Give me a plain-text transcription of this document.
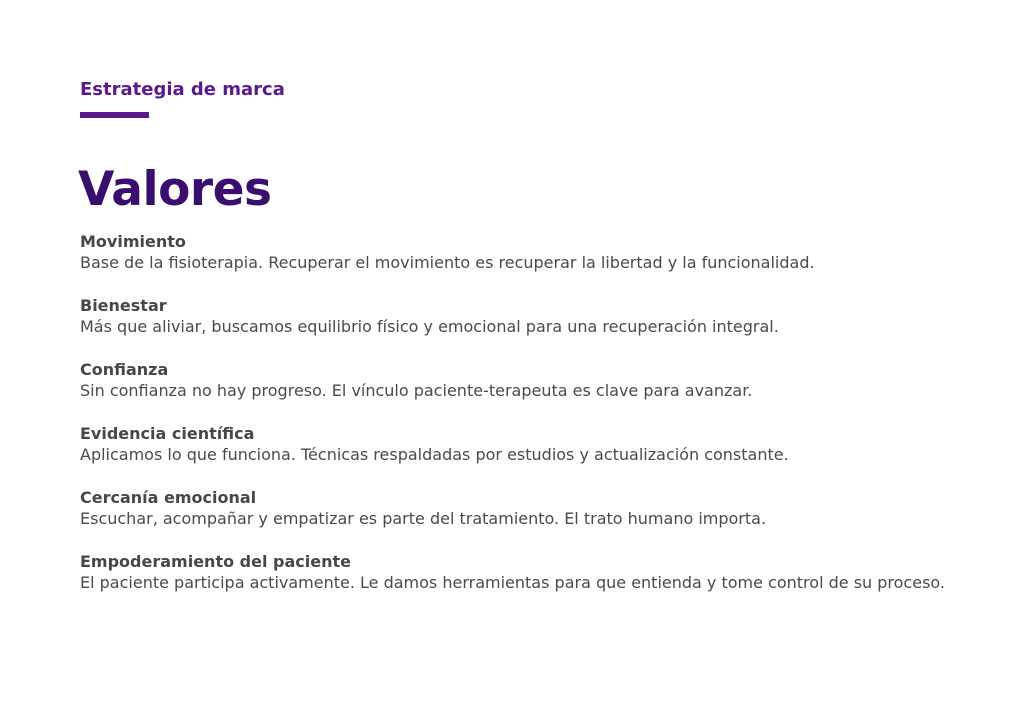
Estrategia de marca
Valores
Movimiento
Base de la fisioterapia. Recuperar el movimiento es recuperar la libertad y la funcionalidad.
Bienestar
Más que aliviar, buscamos equilibrio físico y emocional para una recuperación integral.
Confianza
Sin confianza no hay progreso. El vínculo paciente-terapeuta es clave para avanzar.
Evidencia científica
Aplicamos lo que funciona. Técnicas respaldadas por estudios y actualización constante.
Cercanía emocional
Escuchar, acompañar y empatizar es parte del tratamiento. El trato humano importa.
Empoderamiento del paciente
El paciente participa activamente. Le damos herramientas para que entienda y tome control de su proceso.
